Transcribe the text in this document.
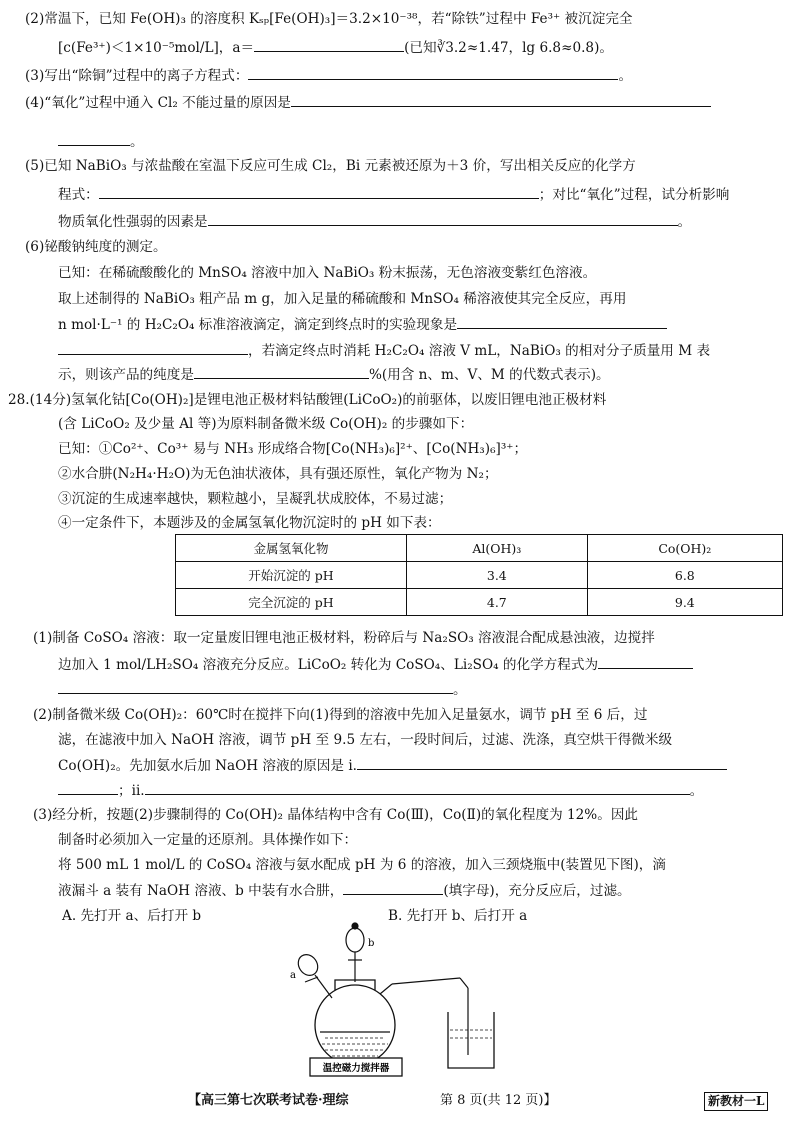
(2)常温下，已知 Fe(OH)₃ 的溶度积 Kₛₚ[Fe(OH)₃]＝3.2×10⁻³⁸，若“除铁”过程中 Fe³⁺ 被沉淀完全
[c(Fe³⁺)＜1×10⁻⁵mol/L]，a＝	(已知∛3.2≈1.47，lg 6.8≈0.8)。
(3)写出“除铜”过程中的离子方程式：	。
(4)“氧化”过程中通入 Cl₂ 不能过量的原因是
。
(5)已知 NaBiO₃ 与浓盐酸在室温下反应可生成 Cl₂，Bi 元素被还原为＋3 价，写出相关反应的化学方
程式：	；对比“氧化”过程，试分析影响
物质氧化性强弱的因素是	。
(6)铋酸钠纯度的测定。
已知：在稀硫酸酸化的 MnSO₄ 溶液中加入 NaBiO₃ 粉末振荡，无色溶液变紫红色溶液。
取上述制得的 NaBiO₃ 粗产品 m g，加入足量的稀硫酸和 MnSO₄ 稀溶液使其完全反应，再用
n mol·L⁻¹ 的 H₂C₂O₄ 标准溶液滴定，滴定到终点时的实验现象是
，若滴定终点时消耗 H₂C₂O₄ 溶液 V mL，NaBiO₃ 的相对分子质量用 M 表
示，则该产品的纯度是	%(用含 n、m、V、M 的代数式表示)。
28.(14分)氢氧化钴[Co(OH)₂]是锂电池正极材料钴酸锂(LiCoO₂)的前驱体，以废旧锂电池正极材料
(含 LiCoO₂ 及少量 Al 等)为原料制备微米级 Co(OH)₂ 的步骤如下：
已知：①Co²⁺、Co³⁺ 易与 NH₃ 形成络合物[Co(NH₃)₆]²⁺、[Co(NH₃)₆]³⁺；
②水合肼(N₂H₄·H₂O)为无色油状液体，具有强还原性，氧化产物为 N₂；
③沉淀的生成速率越快，颗粒越小，呈凝乳状成胶体，不易过滤；
④一定条件下，本题涉及的金属氢氧化物沉淀时的 pH 如下表：
金属氢氧化物	Al(OH)₃	Co(OH)₂
开始沉淀的 pH	3.4	6.8
完全沉淀的 pH	4.7	9.4
(1)制备 CoSO₄ 溶液：取一定量废旧锂电池正极材料，粉碎后与 Na₂SO₃ 溶液混合配成悬浊液，边搅拌
边加入 1 mol/LH₂SO₄ 溶液充分反应。LiCoO₂ 转化为 CoSO₄、Li₂SO₄ 的化学方程式为
。
(2)制备微米级 Co(OH)₂：60℃时在搅拌下向(1)得到的溶液中先加入足量氨水，调节 pH 至 6 后，过
滤，在滤液中加入 NaOH 溶液，调节 pH 至 9.5 左右，一段时间后，过滤、洗涤，真空烘干得微米级
Co(OH)₂。先加氨水后加 NaOH 溶液的原因是 i.
；ii.	。
(3)经分析，按题(2)步骤制得的 Co(OH)₂ 晶体结构中含有 Co(Ⅲ)，Co(Ⅱ)的氧化程度为 12%。因此
制备时必须加入一定量的还原剂。具体操作如下：
将 500 mL 1 mol/L 的 CoSO₄ 溶液与氨水配成 pH 为 6 的溶液，加入三颈烧瓶中(装置见下图)，滴
液漏斗 a 装有 NaOH 溶液、b 中装有水合肼，	(填字母)，充分反应后，过滤。
A. 先打开 a、后打开 b	B. 先打开 b、后打开 a
温控磁力搅拌器
a
b
【高三第七次联考试卷·理综　	第 8 页(共 12 页)】	新教材一L
